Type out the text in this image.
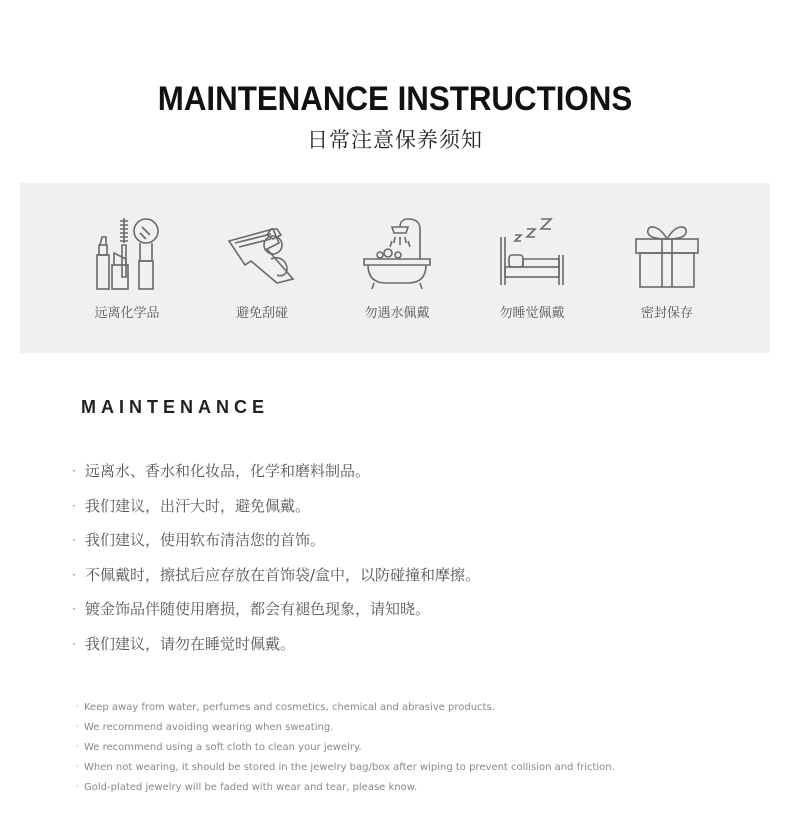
MAINTENANCE INSTRUCTIONS
日常注意保养须知
远离化学品	避免刮碰	勿遇水佩戴	勿睡觉佩戴	密封保存
MAINTENANCE
· 远离水、香水和化妆品，化学和磨料制品。
· 我们建议，出汗大时，避免佩戴。
· 我们建议，使用软布清洁您的首饰。
· 不佩戴时，擦拭后应存放在首饰袋/盒中，以防碰撞和摩擦。
· 镀金饰品伴随使用磨损，都会有褪色现象，请知晓。
· 我们建议，请勿在睡觉时佩戴。
· Keep away from water, perfumes and cosmetics, chemical and abrasive products.
· We recommend avoiding wearing when sweating.
· We recommend using a soft cloth to clean your jewelry.
· When not wearing, it should be stored in the jewelry bag/box after wiping to prevent collision and friction.
· Gold-plated jewelry will be faded with wear and tear, please know.
